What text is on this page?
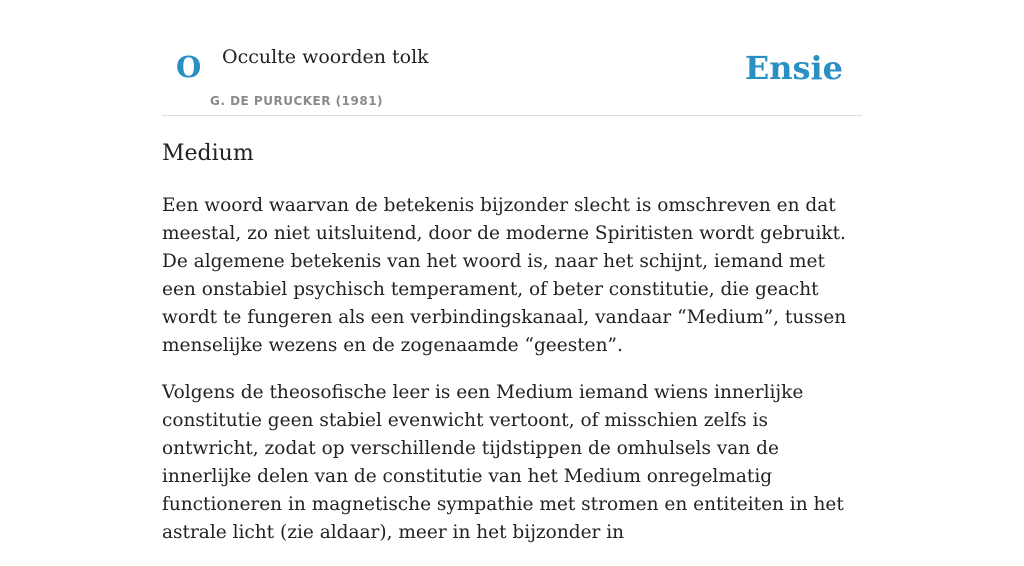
O Occulte woorden tolk
G. DE PURUCKER (1981)
Ensie
Medium

Een woord waarvan de betekenis bijzonder slecht is omschreven en dat meestal, zo niet uitsluitend, door de moderne Spiritisten wordt gebruikt. De algemene betekenis van het woord is, naar het schijnt, iemand met een onstabiel psychisch temperament, of beter constitutie, die geacht wordt te fungeren als een verbindingskanaal, vandaar “Medium”, tussen menselijke wezens en de zogenaamde “geesten”.

Volgens de theosofische leer is een Medium iemand wiens innerlijke constitutie geen stabiel evenwicht vertoont, of misschien zelfs is ontwricht, zodat op verschillende tijdstippen de omhulsels van de innerlijke delen van de constitutie van het Medium onregelmatig functioneren in magnetische sympathie met stromen en entiteiten in het astrale licht (zie aldaar), meer in het bijzonder in
